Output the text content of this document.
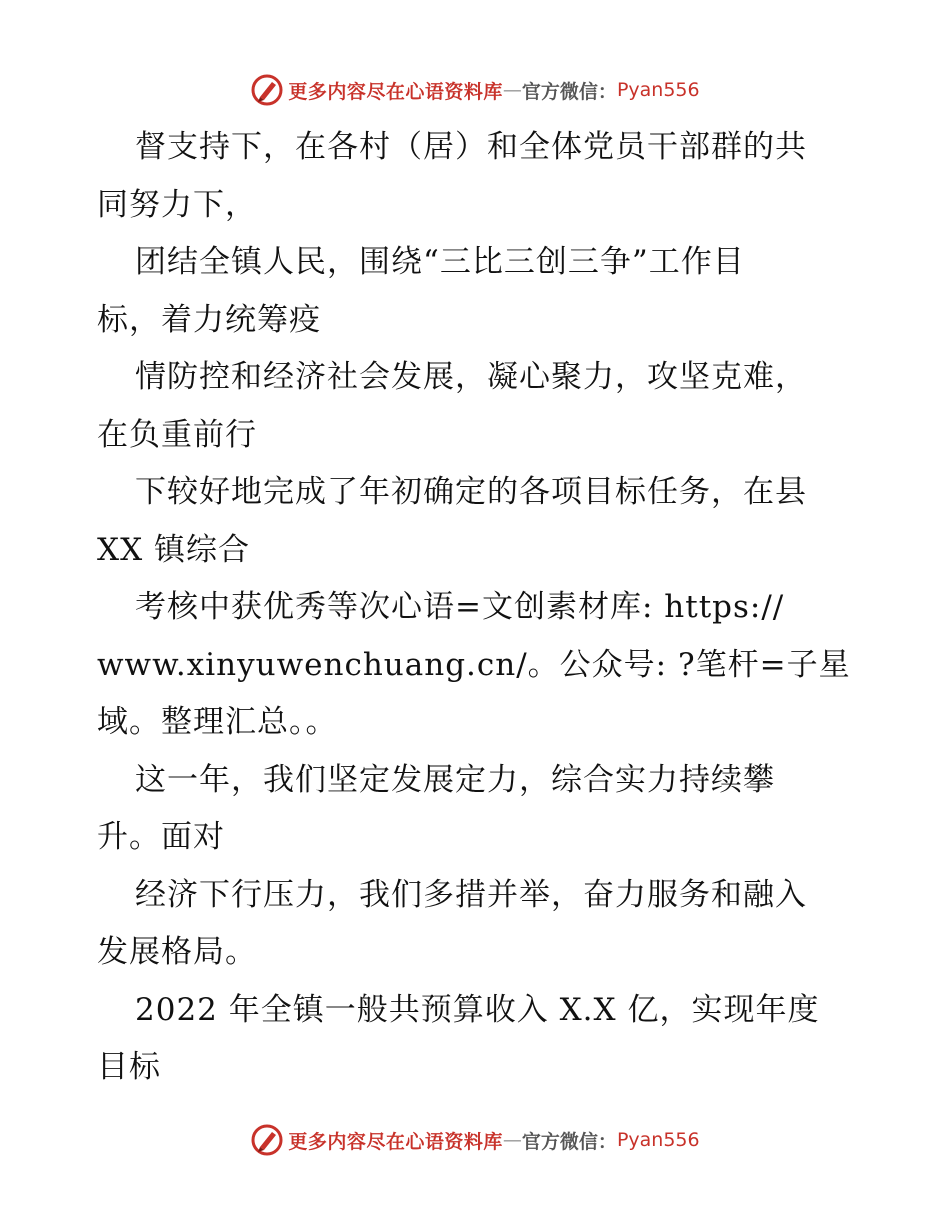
更多内容尽在心语资料库 — 官方微信： Pyan556
督支持下，在各村（居）和全体党员干部群的共
同努力下，
团结全镇人民，围绕“三比三创三争”工作目
标，着力统筹疫
情防控和经济社会发展，凝心聚力，攻坚克难，
在负重前行
下较好地完成了年初确定的各项目标任务，在县
XX 镇综合
考核中获优秀等次心语=文创素材库: https://
www.xinyuwenchuang.cn/。公众号: ?笔杆=子星
域。整理汇总。。
这一年，我们坚定发展定力，综合实力持续攀
升。面对
经济下行压力，我们多措并举，奋力服务和融入
发展格局。
2022 年全镇一般共预算收入 X.X 亿，实现年度
目标
更多内容尽在心语资料库 — 官方微信： Pyan556
